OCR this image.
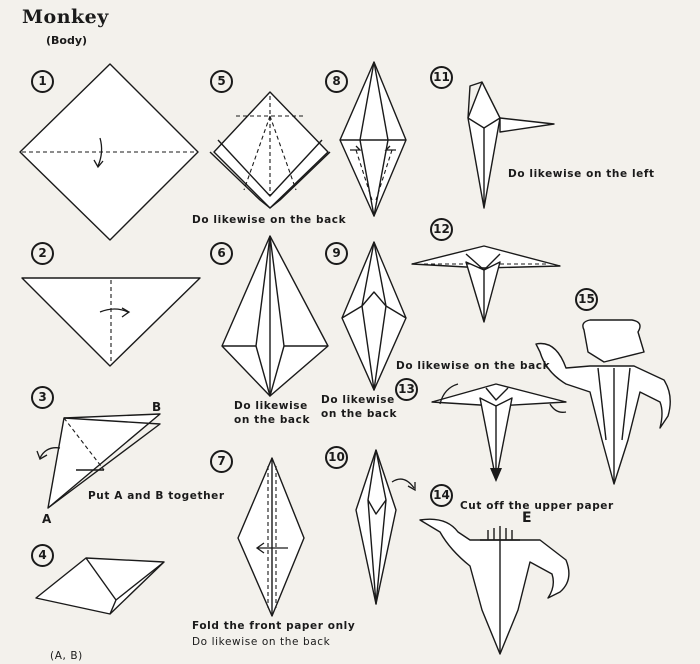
Monkey
(Body)
1
2
3
4
5
6
7
8
9
10
11
12
13
14
15
Do likewise on the back
Do likewise
on the back
Do likewise
on the back
Fold the front paper only
Do likewise on the back
Do likewise on the left
Do likewise on the back
Cut off the upper paper
Put A and B together
(A, B)
A
B
E
